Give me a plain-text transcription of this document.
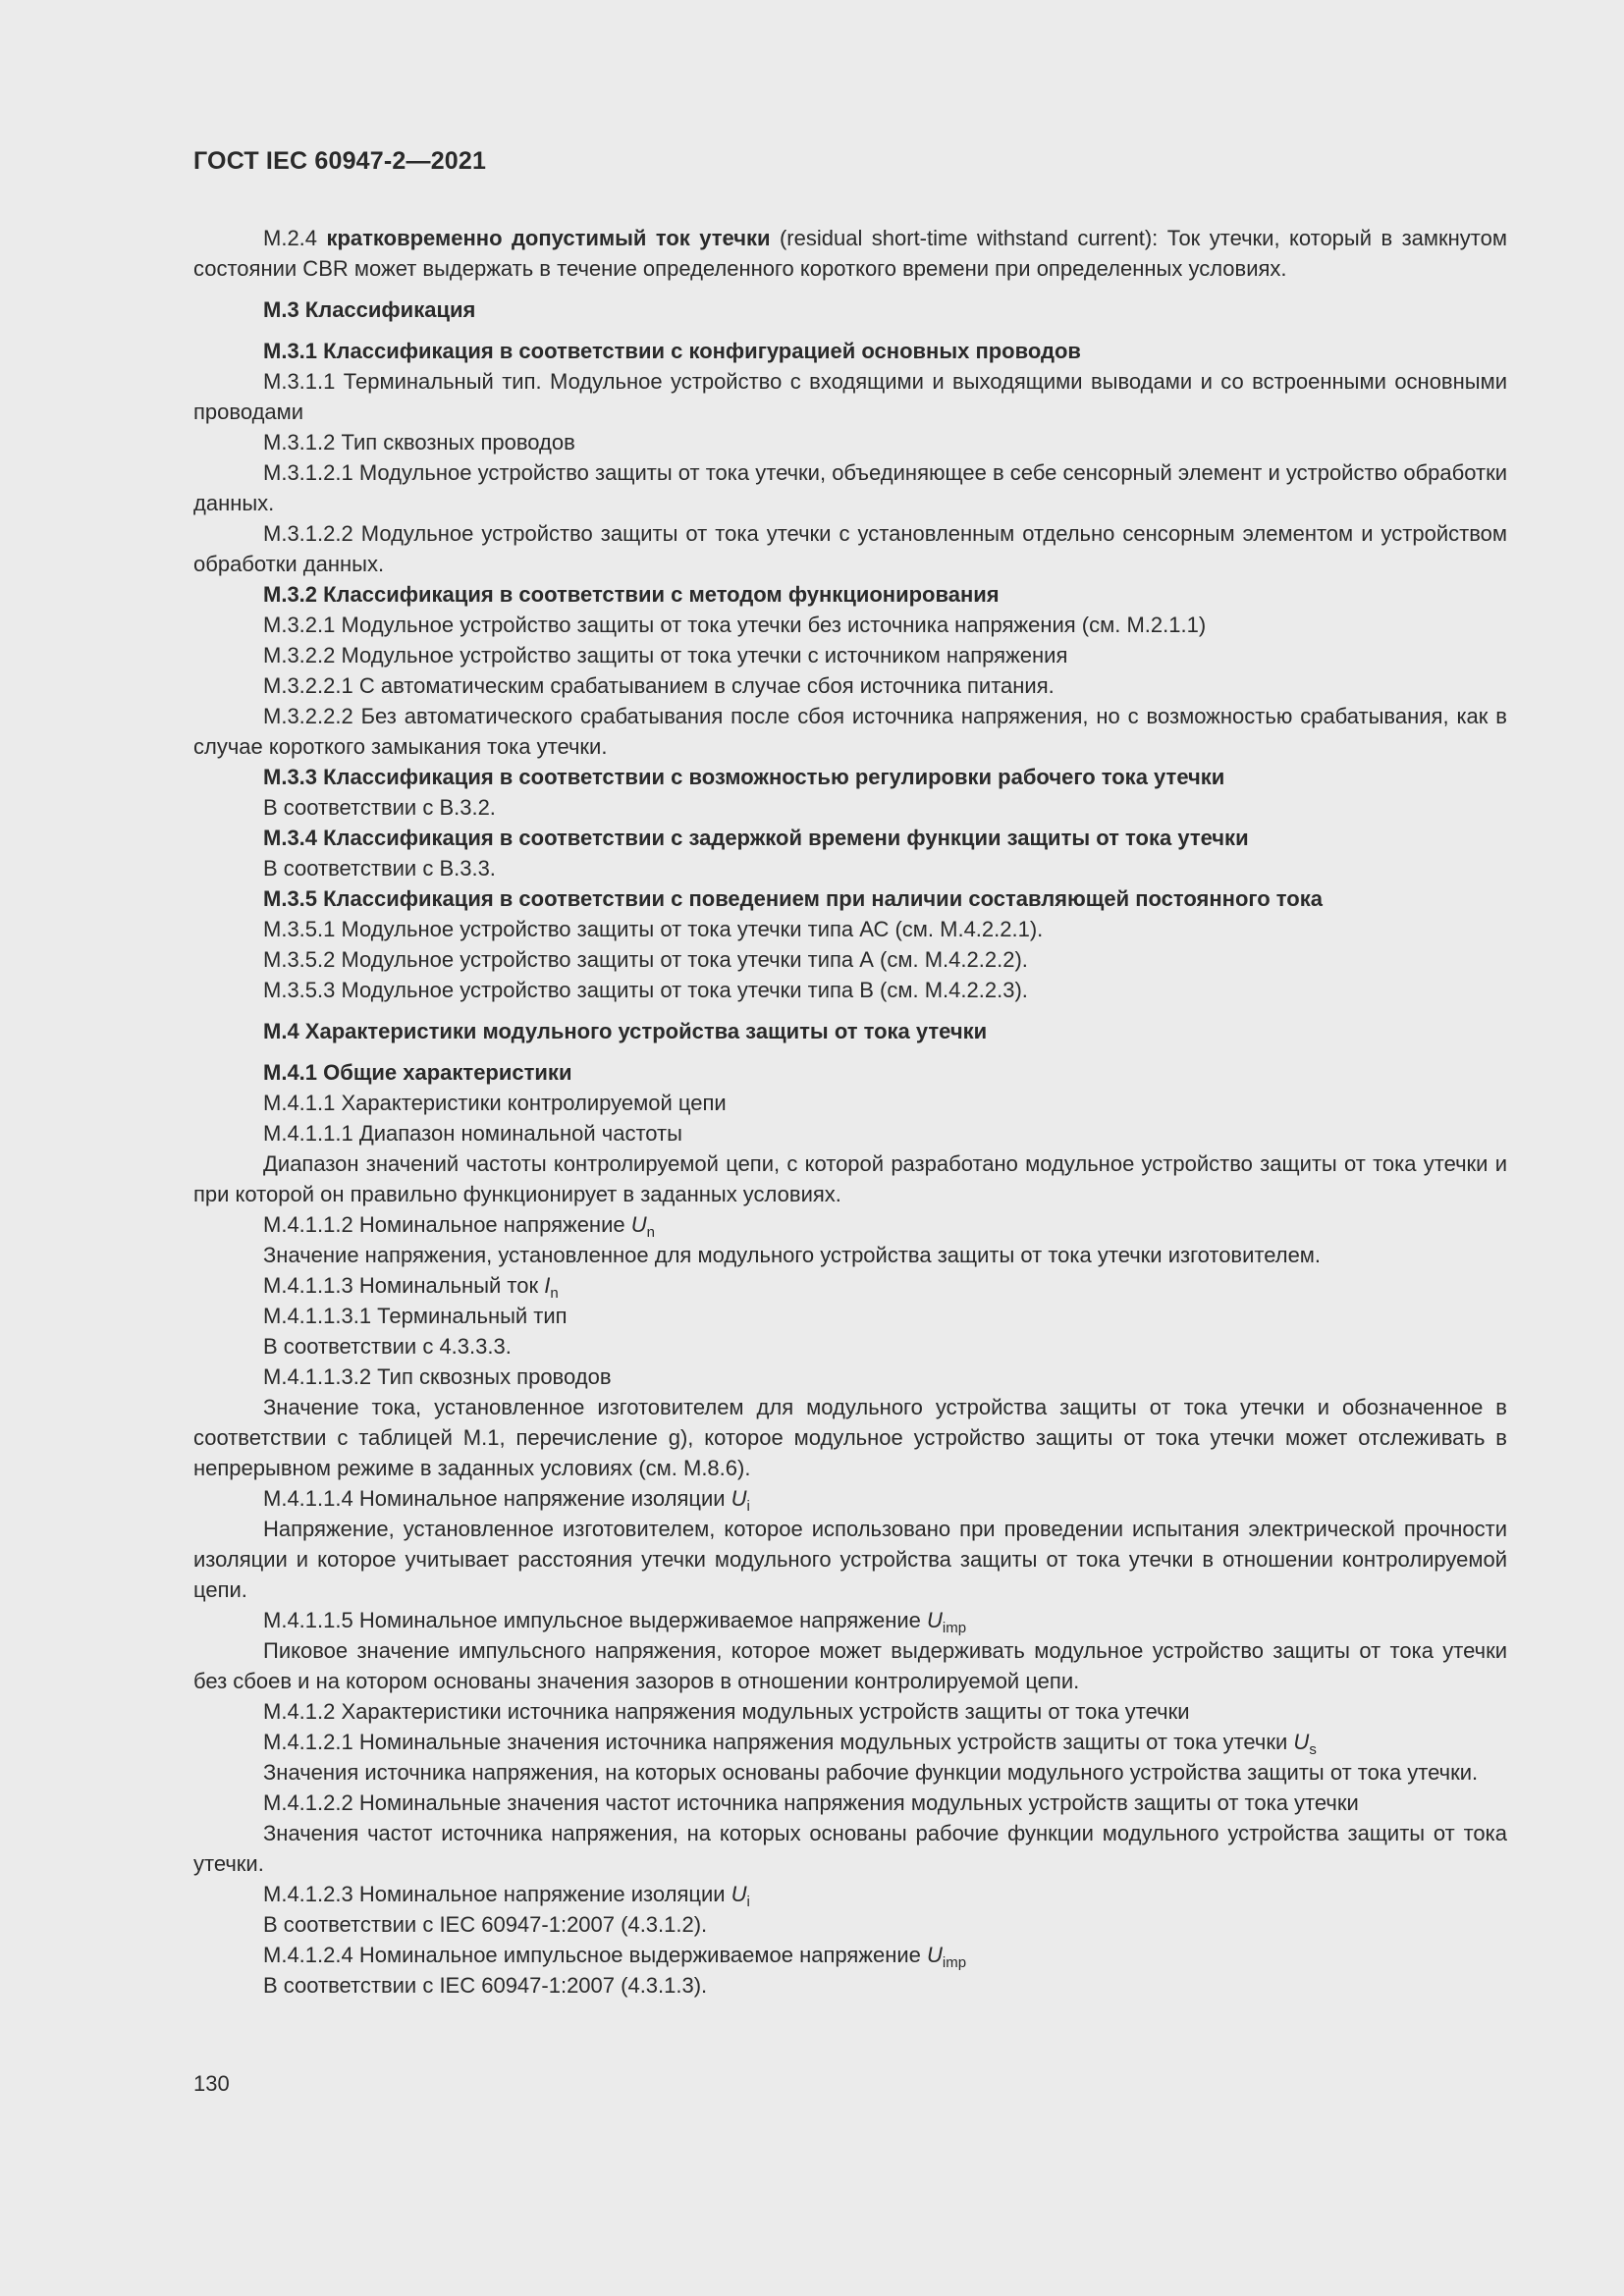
ГОСТ IEC 60947-2—2021

M.2.4 кратковременно допустимый ток утечки (residual short-time withstand current): Ток утечки, который в замкнутом состоянии CBR может выдержать в течение определенного короткого времени при определенных условиях.

M.3 Классификация

M.3.1 Классификация в соответствии с конфигурацией основных проводов

M.3.1.1 Терминальный тип. Модульное устройство с входящими и выходящими выводами и со встроенными основными проводами

M.3.1.2 Тип сквозных проводов

M.3.1.2.1 Модульное устройство защиты от тока утечки, объединяющее в себе сенсорный элемент и устройство обработки данных.

M.3.1.2.2 Модульное устройство защиты от тока утечки с установленным отдельно сенсорным элементом и устройством обработки данных.

M.3.2 Классификация в соответствии с методом функционирования

M.3.2.1 Модульное устройство защиты от тока утечки без источника напряжения (см. M.2.1.1)

M.3.2.2 Модульное устройство защиты от тока утечки с источником напряжения

M.3.2.2.1 С автоматическим срабатыванием в случае сбоя источника питания.

M.3.2.2.2 Без автоматического срабатывания после сбоя источника напряжения, но с возможностью срабатывания, как в случае короткого замыкания тока утечки.

M.3.3 Классификация в соответствии с возможностью регулировки рабочего тока утечки

В соответствии с B.3.2.

M.3.4 Классификация в соответствии с задержкой времени функции защиты от тока утечки

В соответствии с B.3.3.

M.3.5 Классификация в соответствии с поведением при наличии составляющей постоянного тока

M.3.5.1 Модульное устройство защиты от тока утечки типа АС (см. M.4.2.2.1).

M.3.5.2 Модульное устройство защиты от тока утечки типа А (см. M.4.2.2.2).

M.3.5.3 Модульное устройство защиты от тока утечки типа В (см. M.4.2.2.3).

M.4 Характеристики модульного устройства защиты от тока утечки

M.4.1 Общие характеристики

M.4.1.1 Характеристики контролируемой цепи

M.4.1.1.1 Диапазон номинальной частоты

Диапазон значений частоты контролируемой цепи, с которой разработано модульное устройство защиты от тока утечки и при которой он правильно функционирует в заданных условиях.

M.4.1.1.2 Номинальное напряжение $U_n$

Значение напряжения, установленное для модульного устройства защиты от тока утечки изготовителем.

M.4.1.1.3 Номинальный ток $I_n$

M.4.1.1.3.1 Терминальный тип

В соответствии с 4.3.3.3.

M.4.1.1.3.2 Тип сквозных проводов

Значение тока, установленное изготовителем для модульного устройства защиты от тока утечки и обозначенное в соответствии с таблицей M.1, перечисление g), которое модульное устройство защиты от тока утечки может отслеживать в непрерывном режиме в заданных условиях (см. M.8.6).

M.4.1.1.4 Номинальное напряжение изоляции $U_i$

Напряжение, установленное изготовителем, которое использовано при проведении испытания электрической прочности изоляции и которое учитывает расстояния утечки модульного устройства защиты от тока утечки в отношении контролируемой цепи.

M.4.1.1.5 Номинальное импульсное выдерживаемое напряжение $U_{imp}$

Пиковое значение импульсного напряжения, которое может выдерживать модульное устройство защиты от тока утечки без сбоев и на котором основаны значения зазоров в отношении контролируемой цепи.

M.4.1.2 Характеристики источника напряжения модульных устройств защиты от тока утечки

M.4.1.2.1 Номинальные значения источника напряжения модульных устройств защиты от тока утечки $U_s$

Значения источника напряжения, на которых основаны рабочие функции модульного устройства защиты от тока утечки.

M.4.1.2.2 Номинальные значения частот источника напряжения модульных устройств защиты от тока утечки

Значения частот источника напряжения, на которых основаны рабочие функции модульного устройства защиты от тока утечки.

M.4.1.2.3 Номинальное напряжение изоляции $U_i$

В соответствии с IEC 60947-1:2007 (4.3.1.2).

M.4.1.2.4 Номинальное импульсное выдерживаемое напряжение $U_{imp}$

В соответствии с IEC 60947-1:2007 (4.3.1.3).

130
